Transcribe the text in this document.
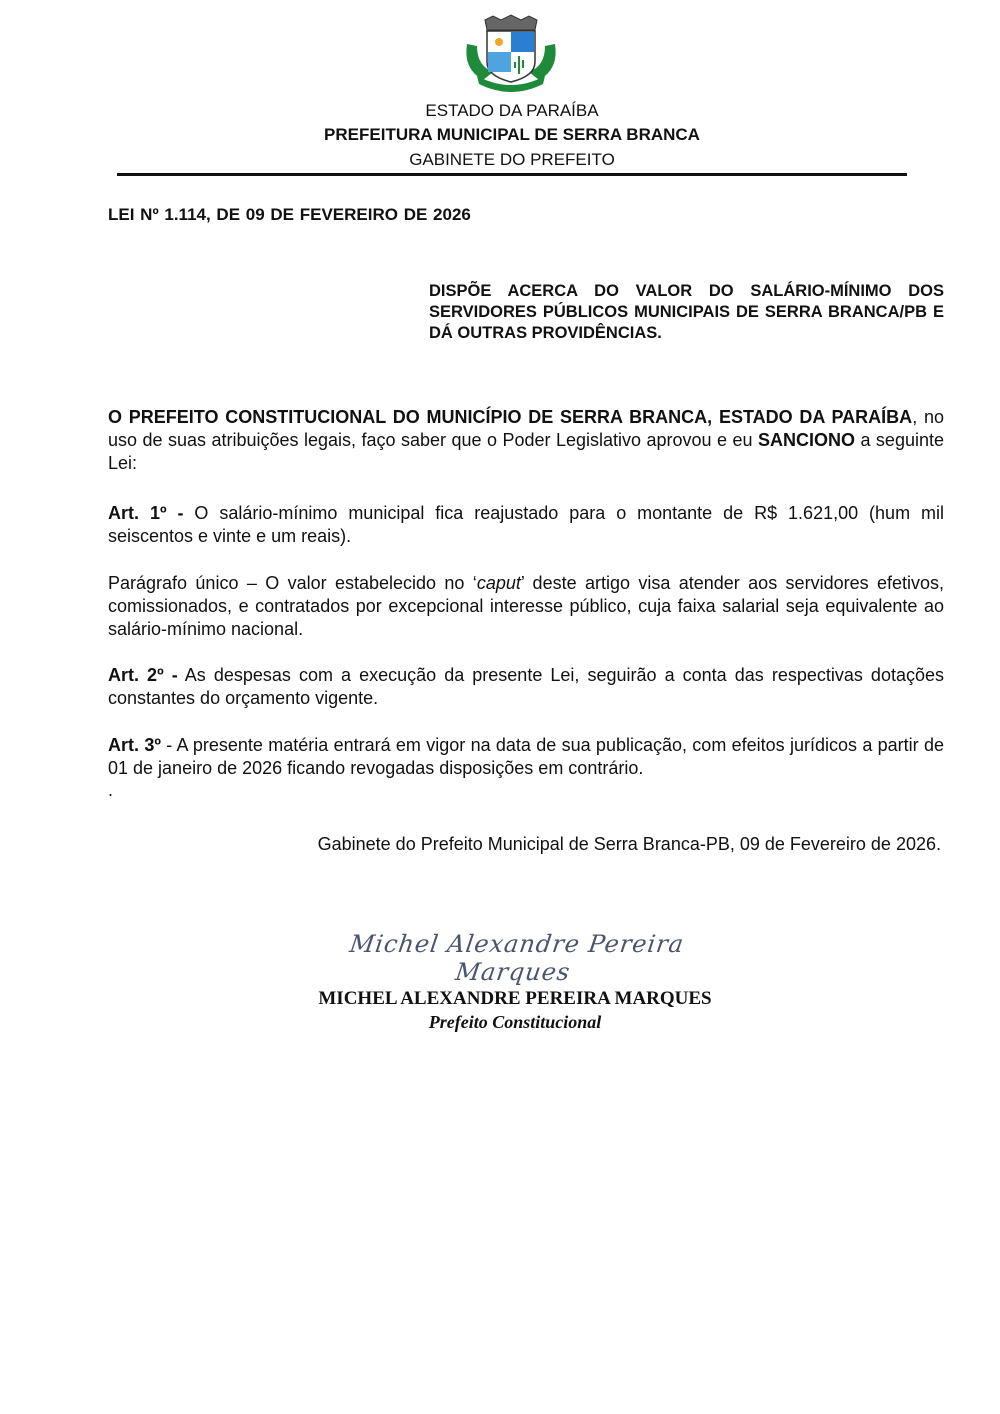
ESTADO DA PARAÍBA
PREFEITURA MUNICIPAL DE SERRA BRANCA
GABINETE DO PREFEITO
LEI Nº 1.114, DE 09 DE FEVEREIRO DE 2026
DISPÕE ACERCA DO VALOR DO SALÁRIO-MÍNIMO DOS SERVIDORES PÚBLICOS MUNICIPAIS DE SERRA BRANCA/PB E DÁ OUTRAS PROVIDÊNCIAS.
O PREFEITO CONSTITUCIONAL DO MUNICÍPIO DE SERRA BRANCA, ESTADO DA PARAÍBA, no uso de suas atribuições legais, faço saber que o Poder Legislativo aprovou e eu SANCIONO a seguinte Lei:
Art. 1º - O salário-mínimo municipal fica reajustado para o montante de R$ 1.621,00 (hum mil seiscentos e vinte e um reais).
Parágrafo único – O valor estabelecido no ‘caput’ deste artigo visa atender aos servidores efetivos, comissionados, e contratados por excepcional interesse público, cuja faixa salarial seja equivalente ao salário-mínimo nacional.
Art. 2º - As despesas com a execução da presente Lei, seguirão a conta das respectivas dotações constantes do orçamento vigente.
Art. 3º - A presente matéria entrará em vigor na data de sua publicação, com efeitos jurídicos a partir de 01 de janeiro de 2026 ficando revogadas disposições em contrário.
.
Gabinete do Prefeito Municipal de Serra Branca-PB, 09 de Fevereiro de 2026.
Michel Alexandre Pereira Marques
MICHEL ALEXANDRE PEREIRA MARQUES
Prefeito Constitucional
